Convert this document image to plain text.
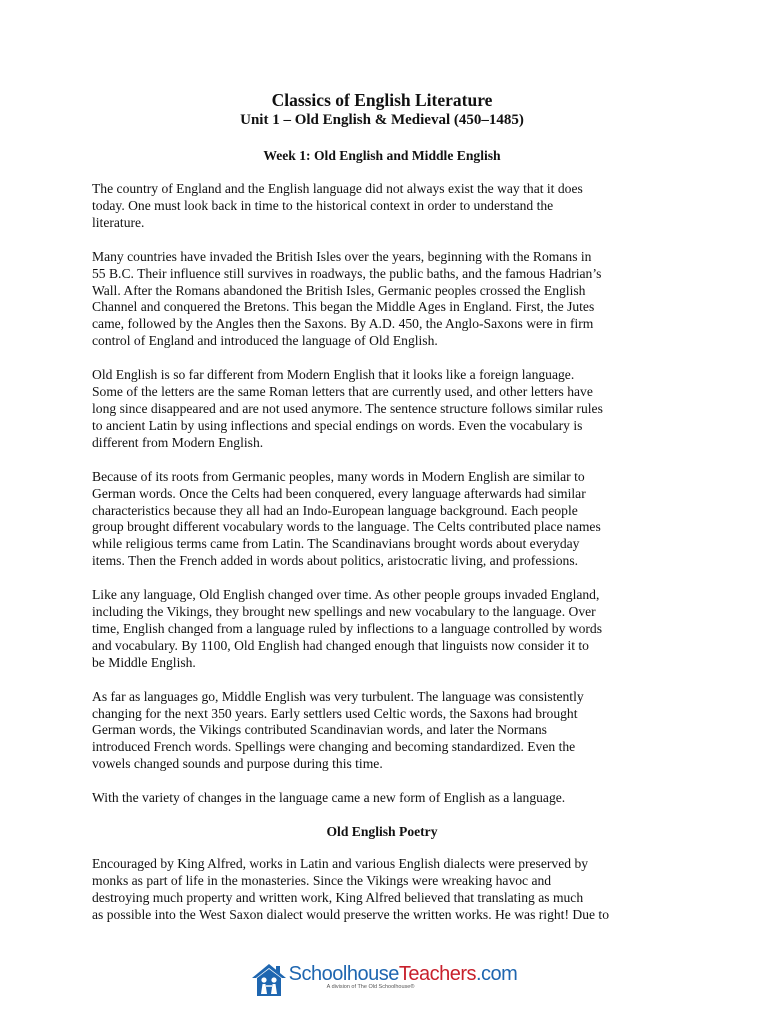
Classics of English Literature
Unit 1 – Old English & Medieval (450–1485)
Week 1: Old English and Middle English

The country of England and the English language did not always exist the way that it does
today. One must look back in time to the historical context in order to understand the
literature.

Many countries have invaded the British Isles over the years, beginning with the Romans in
55 B.C. Their influence still survives in roadways, the public baths, and the famous Hadrian’s
Wall. After the Romans abandoned the British Isles, Germanic peoples crossed the English
Channel and conquered the Bretons. This began the Middle Ages in England. First, the Jutes
came, followed by the Angles then the Saxons. By A.D. 450, the Anglo-Saxons were in firm
control of England and introduced the language of Old English.

Old English is so far different from Modern English that it looks like a foreign language.
Some of the letters are the same Roman letters that are currently used, and other letters have
long since disappeared and are not used anymore. The sentence structure follows similar rules
to ancient Latin by using inflections and special endings on words. Even the vocabulary is
different from Modern English.

Because of its roots from Germanic peoples, many words in Modern English are similar to
German words. Once the Celts had been conquered, every language afterwards had similar
characteristics because they all had an Indo-European language background. Each people
group brought different vocabulary words to the language. The Celts contributed place names
while religious terms came from Latin. The Scandinavians brought words about everyday
items. Then the French added in words about politics, aristocratic living, and professions.

Like any language, Old English changed over time. As other people groups invaded England,
including the Vikings, they brought new spellings and new vocabulary to the language. Over
time, English changed from a language ruled by inflections to a language controlled by words
and vocabulary. By 1100, Old English had changed enough that linguists now consider it to
be Middle English.

As far as languages go, Middle English was very turbulent. The language was consistently
changing for the next 350 years. Early settlers used Celtic words, the Saxons had brought
German words, the Vikings contributed Scandinavian words, and later the Normans
introduced French words. Spellings were changing and becoming standardized. Even the
vowels changed sounds and purpose during this time.

With the variety of changes in the language came a new form of English as a language.

Old English Poetry

Encouraged by King Alfred, works in Latin and various English dialects were preserved by
monks as part of life in the monasteries. Since the Vikings were wreaking havoc and
destroying much property and written work, King Alfred believed that translating as much
as possible into the West Saxon dialect would preserve the written works. He was right! Due to

SchoolhouseTeachers.com
A division of The Old Schoolhouse®
